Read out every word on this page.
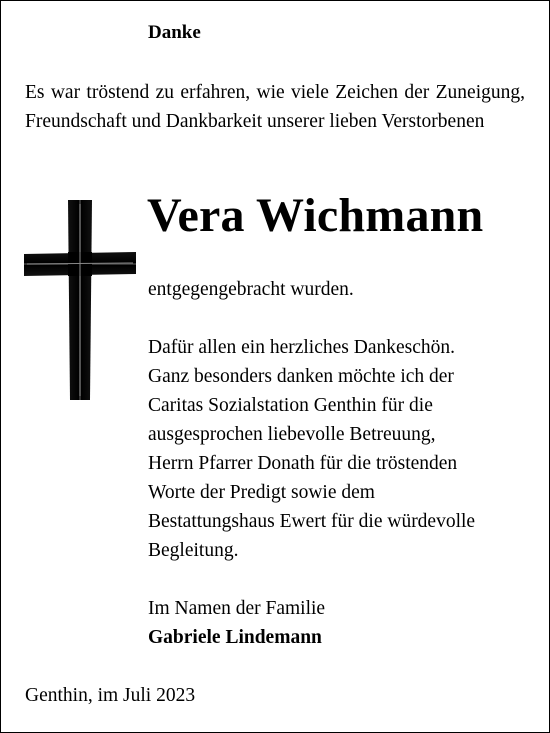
Danke
Es war tröstend zu erfahren, wie viele Zeichen der Zuneigung, Freundschaft und Dankbarkeit unserer lieben Verstorbenen
Vera Wichmann
entgegengebracht wurden.
Dafür allen ein herzliches Dankeschön.
Ganz besonders danken möchte ich der
Caritas Sozialstation Genthin für die
ausgesprochen liebevolle Betreuung,
Herrn Pfarrer Donath für die tröstenden
Worte der Predigt sowie dem
Bestattungshaus Ewert für die würdevolle
Begleitung.
Im Namen der Familie
Gabriele Lindemann
Genthin, im Juli 2023
